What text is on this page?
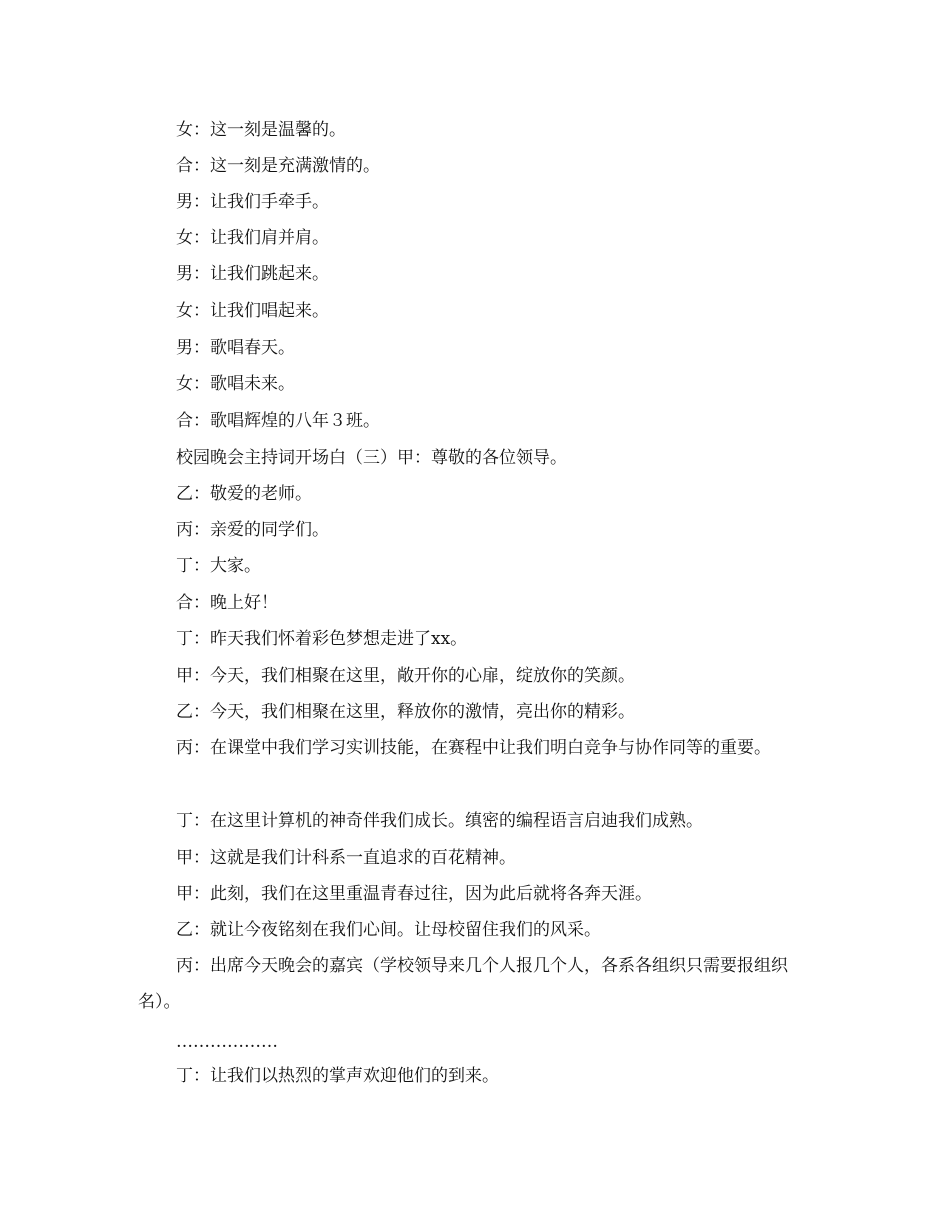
女：这一刻是温馨的。

合：这一刻是充满激情的。

男：让我们手牵手。

女：让我们肩并肩。

男：让我们跳起来。

女：让我们唱起来。

男：歌唱春天。

女：歌唱未来。

合：歌唱辉煌的八年３班。

校园晚会主持词开场白（三）甲：尊敬的各位领导。

乙：敬爱的老师。

丙：亲爱的同学们。

丁：大家。

合：晚上好！

丁：昨天我们怀着彩色梦想走进了xx。

甲：今天，我们相聚在这里，敞开你的心扉，绽放你的笑颜。

乙：今天，我们相聚在这里，释放你的激情，亮出你的精彩。

丙：在课堂中我们学习实训技能，在赛程中让我们明白竞争与协作同等的重要。

丁：在这里计算机的神奇伴我们成长。缜密的编程语言启迪我们成熟。

甲：这就是我们计科系一直追求的百花精神。

甲：此刻，我们在这里重温青春过往，因为此后就将各奔天涯。

乙：就让今夜铭刻在我们心间。让母校留住我们的风采。

丙：出席今天晚会的嘉宾（学校领导来几个人报几个人，各系各组织只需要报组织名）。

………………

丁：让我们以热烈的掌声欢迎他们的到来。
